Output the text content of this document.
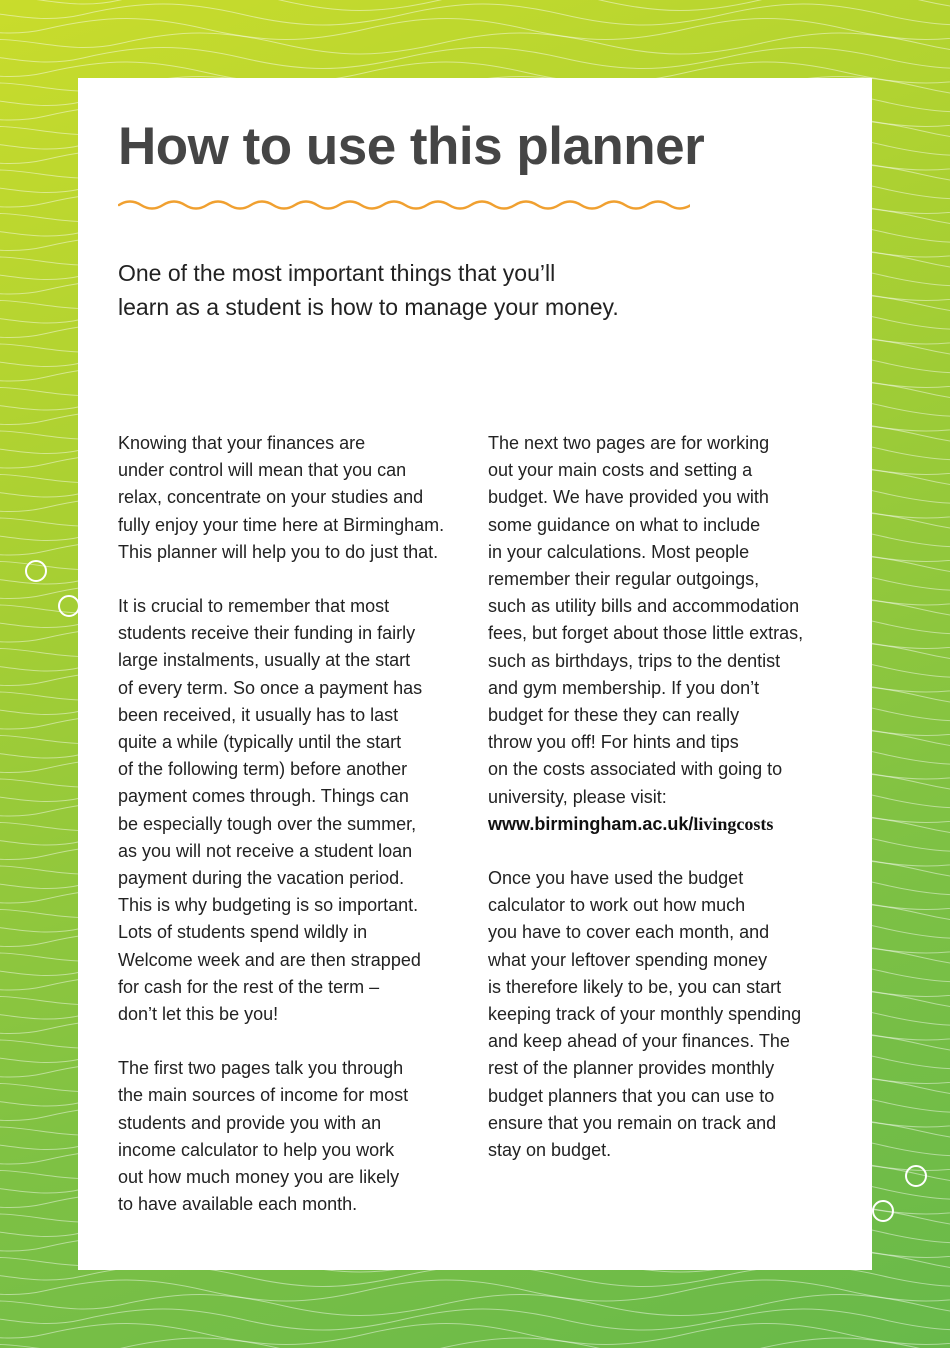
How to use this planner

One of the most important things that you’ll
learn as a student is how to manage your money.

Knowing that your finances are
under control will mean that you can
relax, concentrate on your studies and
fully enjoy your time here at Birmingham.
This planner will help you to do just that.

It is crucial to remember that most
students receive their funding in fairly
large instalments, usually at the start
of every term. So once a payment has
been received, it usually has to last
quite a while (typically until the start
of the following term) before another
payment comes through. Things can
be especially tough over the summer,
as you will not receive a student loan
payment during the vacation period.
This is why budgeting is so important.
Lots of students spend wildly in
Welcome week and are then strapped
for cash for the rest of the term –
don’t let this be you!

The first two pages talk you through
the main sources of income for most
students and provide you with an
income calculator to help you work
out how much money you are likely
to have available each month.

The next two pages are for working
out your main costs and setting a
budget. We have provided you with
some guidance on what to include
in your calculations. Most people
remember their regular outgoings,
such as utility bills and accommodation
fees, but forget about those little extras,
such as birthdays, trips to the dentist
and gym membership. If you don’t
budget for these they can really
throw you off! For hints and tips
on the costs associated with going to
university, please visit:

www.birmingham.ac.uk/livingcosts

Once you have used the budget
calculator to work out how much
you have to cover each month, and
what your leftover spending money
is therefore likely to be, you can start
keeping track of your monthly spending
and keep ahead of your finances. The
rest of the planner provides monthly
budget planners that you can use to
ensure that you remain on track and
stay on budget.
